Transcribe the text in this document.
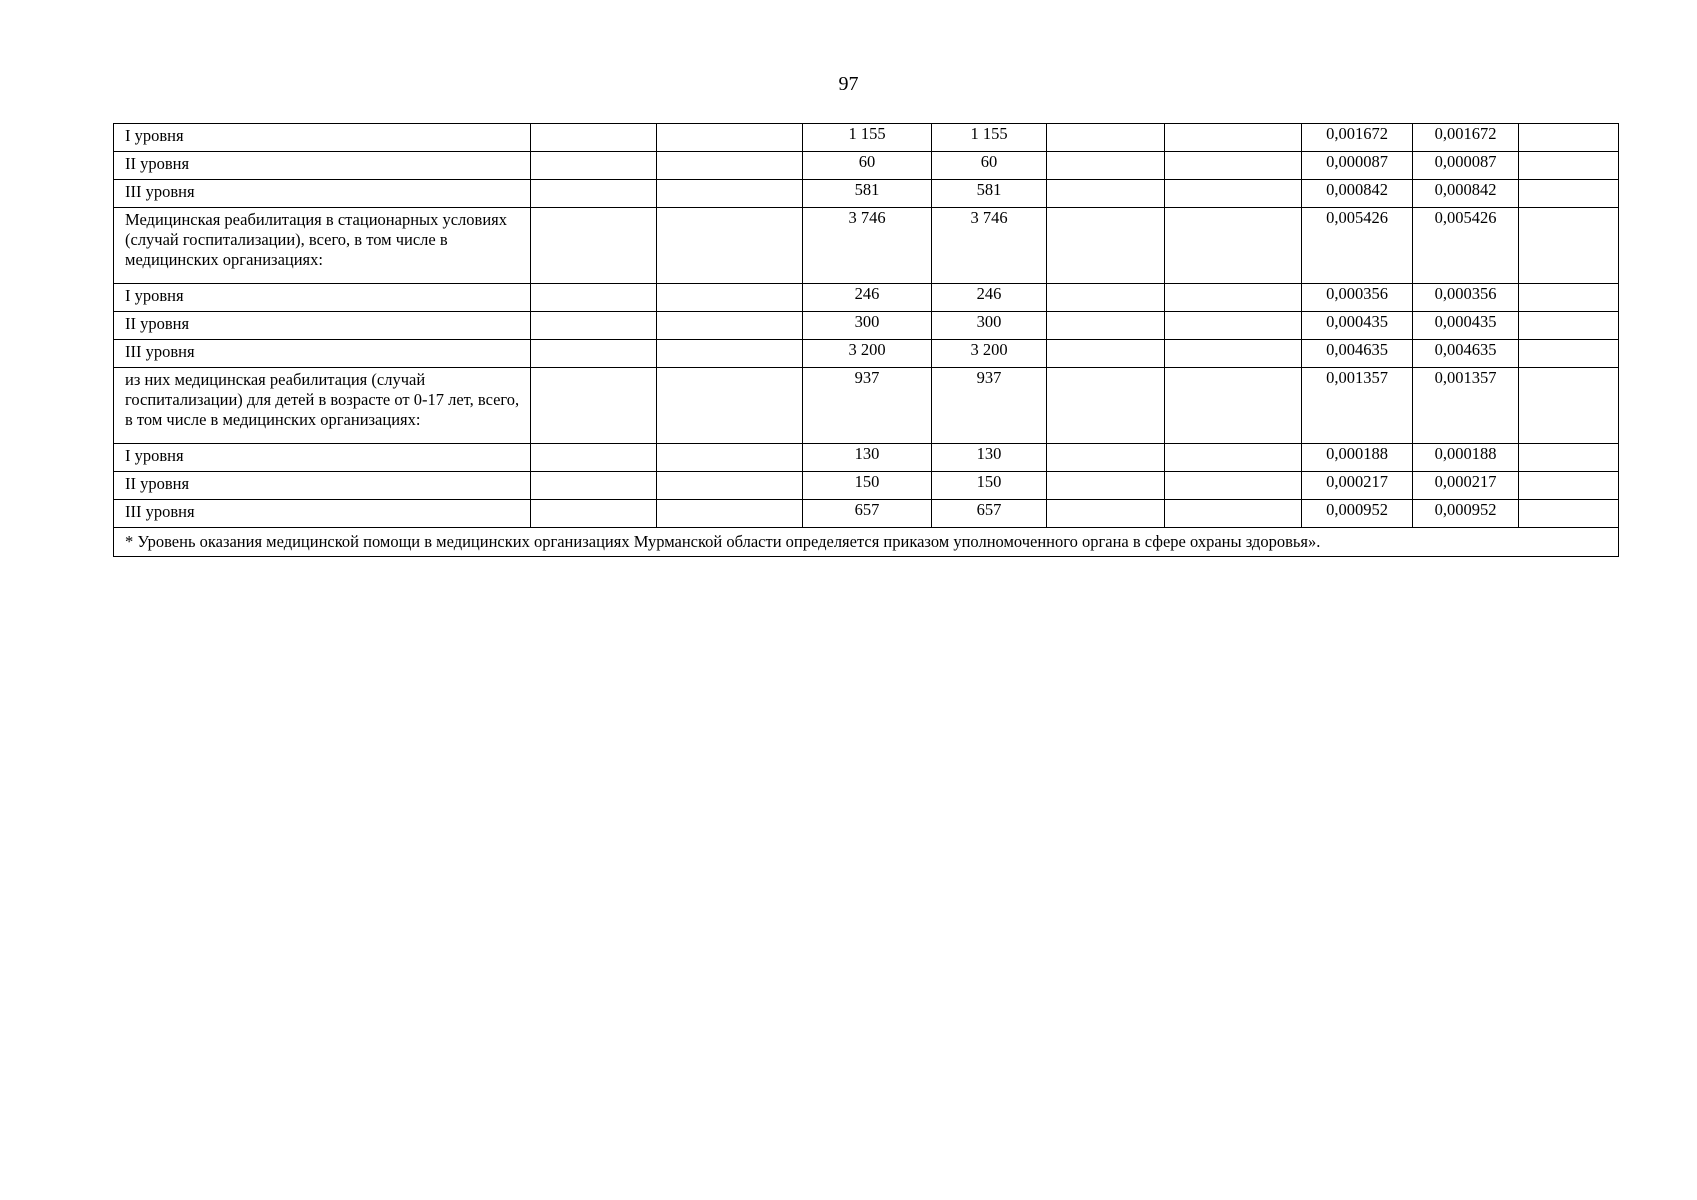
97
I уровня			1 155	1 155			0,001672	0,001672	
II уровня			60	60			0,000087	0,000087	
III уровня			581	581			0,000842	0,000842	
Медицинская реабилитация в стационарных условиях (случай госпитализации), всего, в том числе в медицинских организациях:			3 746	3 746			0,005426	0,005426	
I уровня			246	246			0,000356	0,000356	
II уровня			300	300			0,000435	0,000435	
III уровня			3 200	3 200			0,004635	0,004635	
из них медицинская реабилитация (случай госпитализации) для детей в возрасте от 0-17 лет, всего, в том числе в медицинских организациях:			937	937			0,001357	0,001357	
I уровня			130	130			0,000188	0,000188	
II уровня			150	150			0,000217	0,000217	
III уровня			657	657			0,000952	0,000952	
* Уровень оказания медицинской помощи в медицинских организациях Мурманской области определяется приказом уполномоченного органа в сфере охраны здоровья».									
